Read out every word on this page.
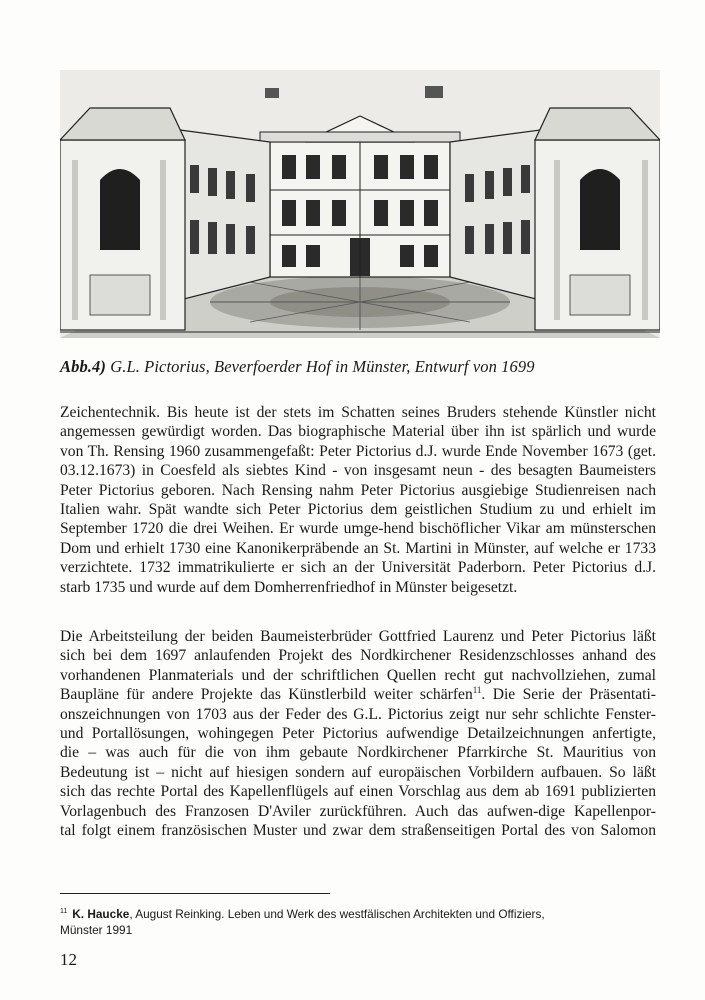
Abb.4) G.L. Pictorius, Beverfoerder Hof in Münster, Entwurf von 1699
Zeichentechnik. Bis heute ist der stets im Schatten seines Bruders stehende Künstler nicht
angemessen gewürdigt worden. Das biographische Material über ihn ist spärlich und wurde
von Th. Rensing 1960 zusammengefaßt: Peter Pictorius d.J. wurde Ende November 1673 (get.
03.12.1673) in Coesfeld als siebtes Kind - von insgesamt neun - des besagten Baumeisters
Peter Pictorius geboren. Nach Rensing nahm Peter Pictorius ausgiebige Studienreisen nach
Italien wahr. Spät wandte sich Peter Pictorius dem geistlichen Studium zu und erhielt im
September 1720 die drei Weihen. Er wurde umge-hend bischöflicher Vikar am münsterschen
Dom und erhielt 1730 eine Kanonikerpräbende an St. Martini in Münster, auf welche er 1733
verzichtete. 1732 immatrikulierte er sich an der Universität Paderborn. Peter Pictorius d.J.
starb 1735 und wurde auf dem Domherrenfriedhof in Münster beigesetzt.
Die Arbeitsteilung der beiden Baumeisterbrüder Gottfried Laurenz und Peter Pictorius läßt
sich bei dem 1697 anlaufenden Projekt des Nordkirchener Residenzschlosses anhand des
vorhandenen Planmaterials und der schriftlichen Quellen recht gut nachvollziehen, zumal
Baupläne für andere Projekte das Künstlerbild weiter schärfen$^{11}$. Die Serie der Präsentati-
onszeichnungen von 1703 aus der Feder des G.L. Pictorius zeigt nur sehr schlichte Fenster-
und Portallösungen, wohingegen Peter Pictorius aufwendige Detailzeichnungen anfertigte,
die – was auch für die von ihm gebaute Nordkirchener Pfarrkirche St. Mauritius von
Bedeutung ist – nicht auf hiesigen sondern auf europäischen Vorbildern aufbauen. So läßt
sich das rechte Portal des Kapellenflügels auf einen Vorschlag aus dem ab 1691 publizierten
Vorlagenbuch des Franzosen D'Aviler zurückführen. Auch das aufwen-dige Kapellenpor-
tal folgt einem französischen Muster und zwar dem straßenseitigen Portal des von Salomon
$^{11}$ K. Haucke, August Reinking. Leben und Werk des westfälischen Architekten und Offiziers,
Münster 1991
12
